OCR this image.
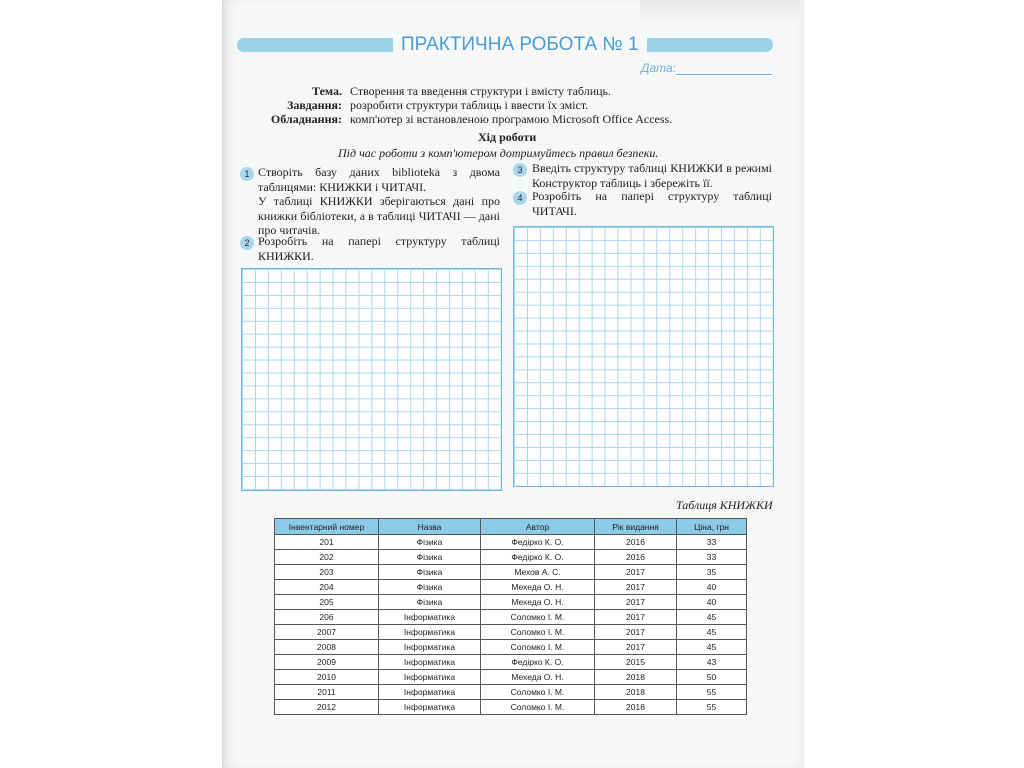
ПРАКТИЧНА РОБОТА № 1
Дата:
Тема. Створення та введення структури і вмісту таблиць.
Завдання: розробити структури таблиць і ввести їх зміст.
Обладнання: комп'ютер зі встановленою програмою Microsoft Office Access.
Хід роботи
Під час роботи з комп'ютером дотримуйтесь правил безпеки.
1 Створіть базу даних biblioteka з двома таблицями: КНИЖКИ і ЧИТАЧІ.
У таблиці КНИЖКИ зберігаються дані про книжки бібліотеки, а в таблиці ЧИТАЧІ — дані про читачів.
2 Розробіть на папері структуру таблиці КНИЖКИ.
3 Введіть структуру таблиці КНИЖКИ в режимі Конструктор таблиць і збережіть її.
4 Розробіть на папері структуру таблиці ЧИТАЧІ.
Таблиця КНИЖКИ
Інвентарний номер	Назва	Автор	Рік видання	Ціна, грн
201	Фізика	Федірко К. О.	2016	33
202	Фізика	Федірко К. О.	2016	33
203	Фізика	Мехов А. С.	2017	35
204	Фізика	Мехеда О. Н.	2017	40
205	Фізика	Мехеда О. Н.	2017	40
206	Інформатика	Соломко І. М.	2017	45
2007	Інформатика	Соломко І. М.	2017	45
2008	Інформатика	Соломко І. М.	2017	45
2009	Інформатика	Федірко К. О.	2015	43
2010	Інформатика	Мехеда О. Н.	2018	50
2011	Інформатика	Соломко І. М.	2018	55
2012	Інформатика	Соломко І. М.	2018	55
